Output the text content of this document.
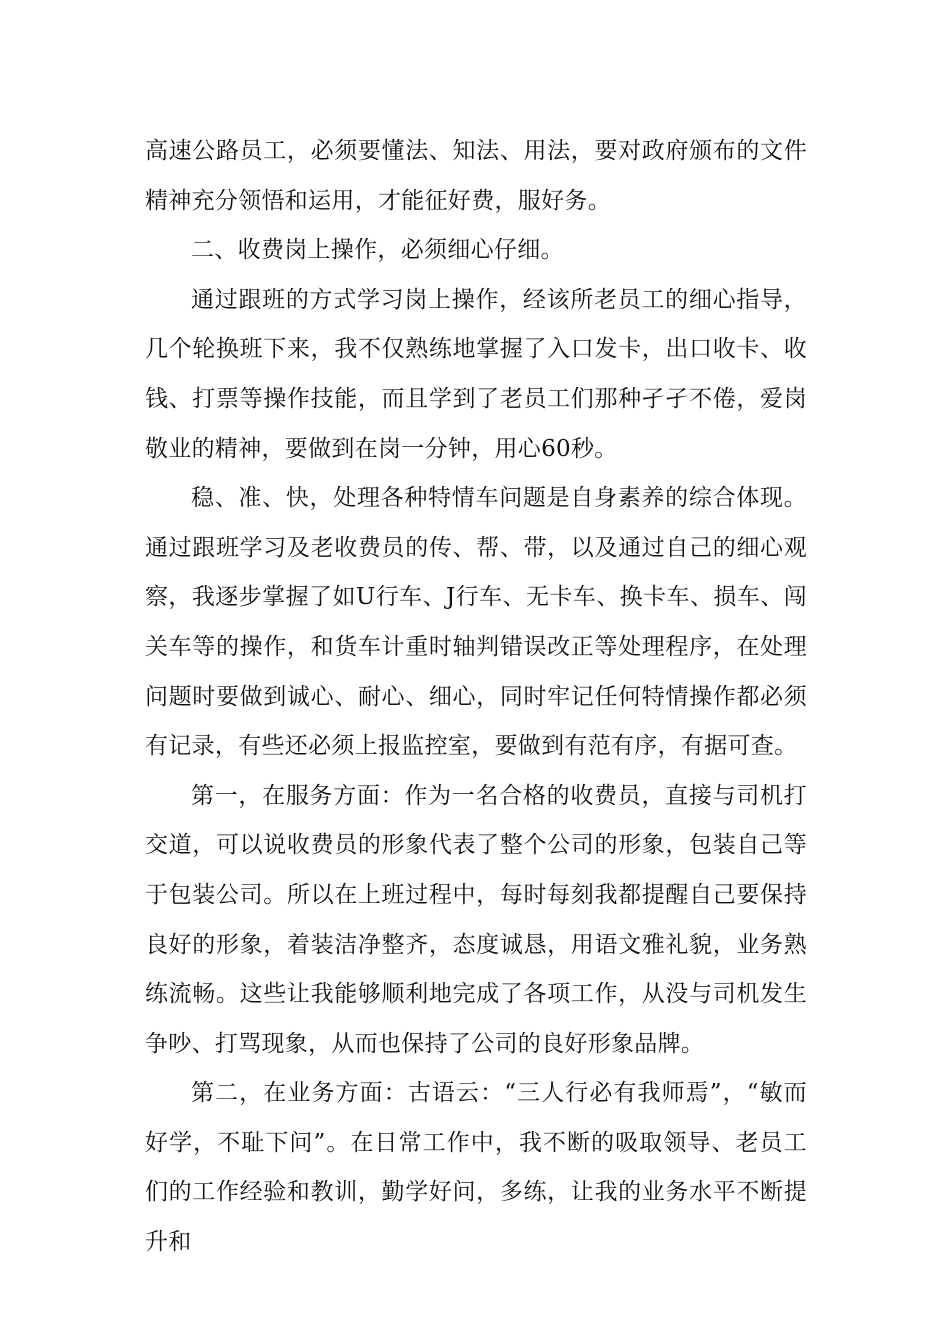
高速公路员工，必须要懂法、知法、用法，要对政府颁布的文件精神充分领悟和运用，才能征好费，服好务。

二、收费岗上操作，必须细心仔细。

通过跟班的方式学习岗上操作，经该所老员工的细心指导，几个轮换班下来，我不仅熟练地掌握了入口发卡，出口收卡、收钱、打票等操作技能，而且学到了老员工们那种孑孑不倦，爱岗敬业的精神，要做到在岗一分钟，用心60秒。

稳、准、快，处理各种特情车问题是自身素养的综合体现。通过跟班学习及老收费员的传、帮、带，以及通过自己的细心观察，我逐步掌握了如U行车、J行车、无卡车、换卡车、损车、闯关车等的操作，和货车计重时轴判错误改正等处理程序，在处理问题时要做到诚心、耐心、细心，同时牢记任何特情操作都必须有记录，有些还必须上报监控室，要做到有范有序，有据可查。

第一，在服务方面：作为一名合格的收费员，直接与司机打交道，可以说收费员的形象代表了整个公司的形象，包装自己等于包装公司。所以在上班过程中，每时每刻我都提醒自己要保持良好的形象，着装洁净整齐，态度诚恳，用语文雅礼貌，业务熟练流畅。这些让我能够顺利地完成了各项工作，从没与司机发生争吵、打骂现象，从而也保持了公司的良好形象品牌。

第二，在业务方面：古语云：“三人行必有我师焉”，“敏而好学，不耻下问”。在日常工作中，我不断的吸取领导、老员工们的工作经验和教训，勤学好问，多练，让我的业务水平不断提升和
